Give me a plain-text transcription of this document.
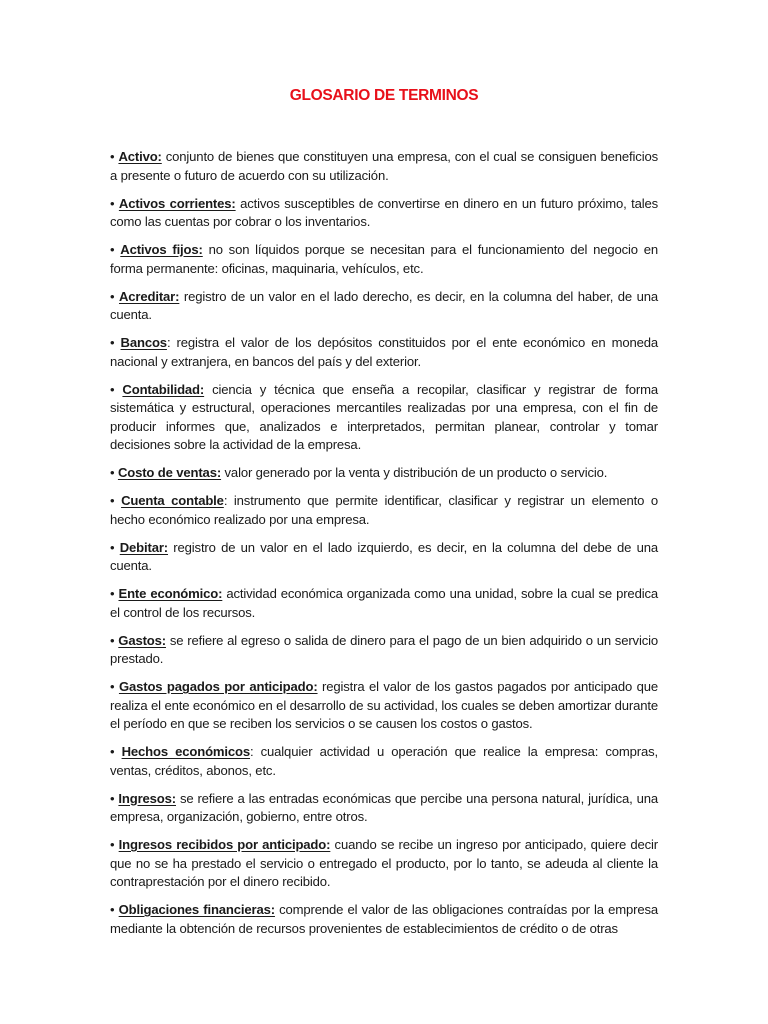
GLOSARIO DE TERMINOS

• Activo: conjunto de bienes que constituyen una empresa, con el cual se consiguen beneficios a presente o futuro de acuerdo con su utilización.

• Activos corrientes: activos susceptibles de convertirse en dinero en un futuro próximo, tales como las cuentas por cobrar o los inventarios.

• Activos fijos: no son líquidos porque se necesitan para el funcionamiento del negocio en forma permanente: oficinas, maquinaria, vehículos, etc.

• Acreditar: registro de un valor en el lado derecho, es decir, en la columna del haber, de una cuenta.

• Bancos: registra el valor de los depósitos constituidos por el ente económico en moneda nacional y extranjera, en bancos del país y del exterior.

• Contabilidad: ciencia y técnica que enseña a recopilar, clasificar y registrar de forma sistemática y estructural, operaciones mercantiles realizadas por una empresa, con el fin de producir informes que, analizados e interpretados, permitan planear, controlar y tomar decisiones sobre la actividad de la empresa.

• Costo de ventas: valor generado por la venta y distribución de un producto o servicio.

• Cuenta contable: instrumento que permite identificar, clasificar y registrar un elemento o hecho económico realizado por una empresa.

• Debitar: registro de un valor en el lado izquierdo, es decir, en la columna del debe de una cuenta.

• Ente económico: actividad económica organizada como una unidad, sobre la cual se predica el control de los recursos.

• Gastos: se refiere al egreso o salida de dinero para el pago de un bien adquirido o un servicio prestado.

• Gastos pagados por anticipado: registra el valor de los gastos pagados por anticipado que realiza el ente económico en el desarrollo de su actividad, los cuales se deben amortizar durante el período en que se reciben los servicios o se causen los costos o gastos.

• Hechos económicos: cualquier actividad u operación que realice la empresa: compras, ventas, créditos, abonos, etc.

• Ingresos: se refiere a las entradas económicas que percibe una persona natural, jurídica, una empresa, organización, gobierno, entre otros.

• Ingresos recibidos por anticipado: cuando se recibe un ingreso por anticipado, quiere decir que no se ha prestado el servicio o entregado el producto, por lo tanto, se adeuda al cliente la contraprestación por el dinero recibido.

• Obligaciones financieras: comprende el valor de las obligaciones contraídas por la empresa mediante la obtención de recursos provenientes de establecimientos de crédito o de otras
